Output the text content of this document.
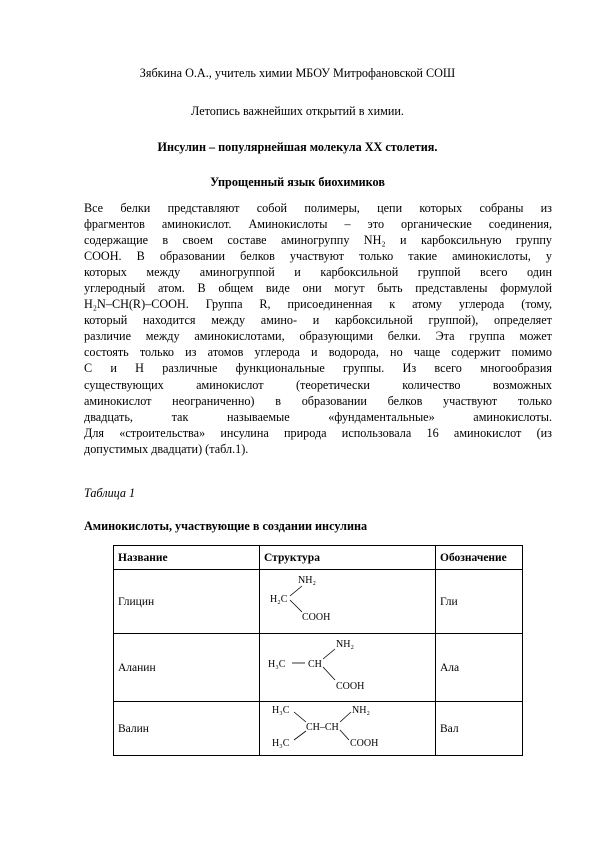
Зябкина О.А., учитель химии МБОУ Митрофановской СОШ
Летопись важнейших открытий в химии.
Инсулин – популярнейшая молекула XX столетия.
Упрощенный язык биохимиков
Все белки представляют собой полимеры, цепи которых собраны из
фрагментов аминокислот. Аминокислоты – это органические соединения,
содержащие в своем составе аминогруппу NH₂ и карбоксильную группу
СООН. В образовании белков участвуют только такие аминокислоты, у
которых между аминогруппой и карбоксильной группой всего один
углеродный атом. В общем виде они могут быть представлены формулой
H₂N–CH(R)–COOH. Группа R, присоединенная к атому углерода (тому,
который находится между амино- и карбоксильной группой), определяет
различие между аминокислотами, образующими белки. Эта группа может
состоять только из атомов углерода и водорода, но чаще содержит помимо
С и Н различные функциональные группы. Из всего многообразия
существующих аминокислот (теоретически количество возможных
аминокислот неограниченно) в образовании белков участвуют только
двадцать, так называемые «фундаментальные» аминокислоты.
Для «строительства» инсулина природа использовала 16 аминокислот (из
допустимых двадцати) (табл.1).
Таблица 1
Аминокислоты, участвующие в создании инсулина
Название	Структура	Обозначение
Глицин	NH₂
H₂C
COOH	Гли
Аланин	NH₂
H₃C CH
COOH	Ала
Валин	H₃C NH₂
CH–CH
H₃C COOH	Вал
